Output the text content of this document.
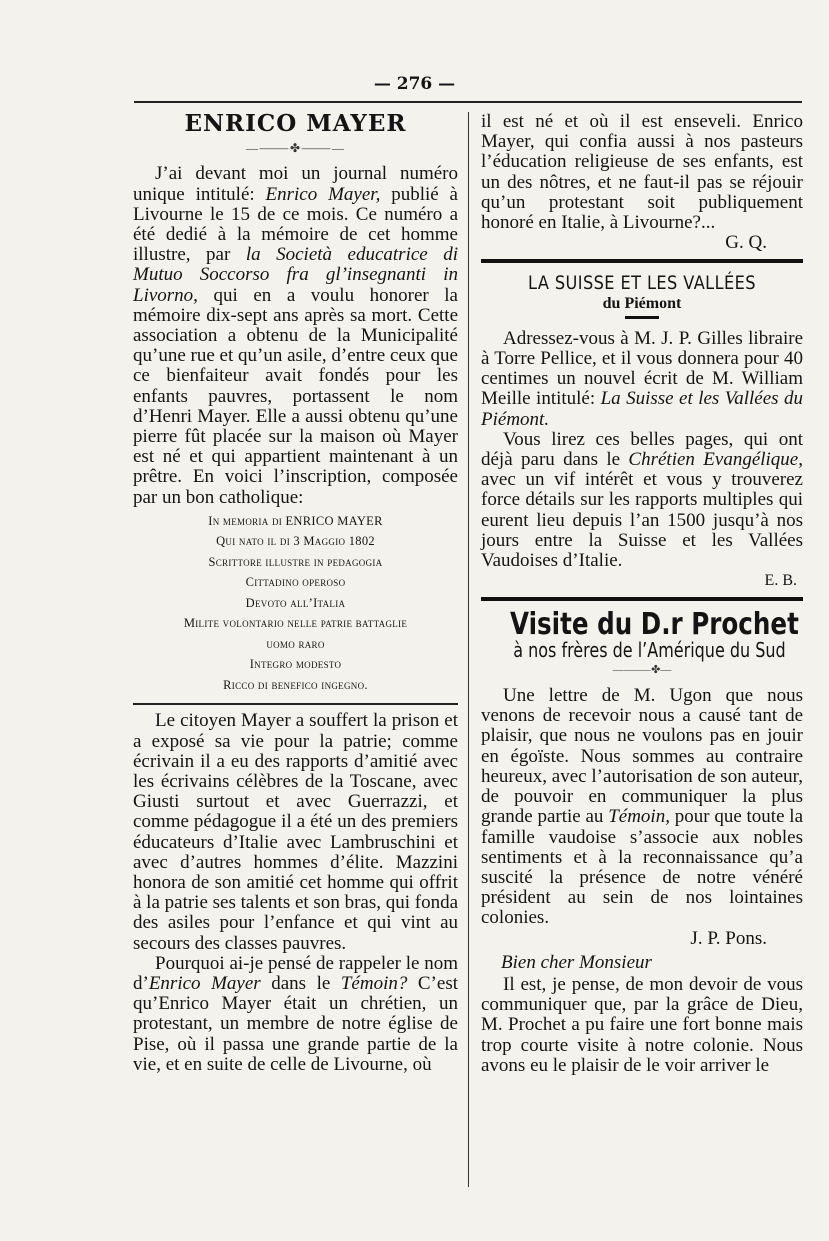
— 276 —
ENRICO MAYER
—⸻✤⸻—

J’ai devant moi un journal numéro unique intitulé: Enrico Mayer, publié à Livourne le 15 de ce mois. Ce numéro a été dedié à la mémoire de cet homme illustre, par la Società educatrice di Mutuo Soccorso fra gl’insegnanti in Livorno, qui en a voulu honorer la mémoire dix-sept ans après sa mort. Cette association a obtenu de la Municipalité qu’une rue et qu’un asile, d’entre ceux que ce bienfaiteur avait fondés pour les enfants pauvres, portassent le nom d’Henri Mayer. Elle a aussi obtenu qu’une pierre fût placée sur la maison où Mayer est né et qui appartient maintenant à un prêtre. En voici l’inscription, composée par un bon catholique:

In memoria di ENRICO MAYER
Qui nato il di 3 Maggio 1802
Scrittore illustre in pedagogia
Cittadino operoso
Devoto all’Italia
Milite volontario nelle patrie battaglie
uomo raro
Integro modesto
Ricco di benefico ingegno.

Le citoyen Mayer a souffert la prison et a exposé sa vie pour la patrie; comme écrivain il a eu des rapports d’amitié avec les écrivains célèbres de la Toscane, avec Giusti surtout et avec Guerrazzi, et comme pédagogue il a été un des premiers éducateurs d’Italie avec Lambruschini et avec d’autres hommes d’élite. Mazzini honora de son amitié cet homme qui offrit à la patrie ses talents et son bras, qui fonda des asiles pour l’enfance et qui vint au secours des classes pauvres.

Pourquoi ai-je pensé de rappeler le nom d’Enrico Mayer dans le Témoin? C’est qu’Enrico Mayer était un chrétien, un protestant, un membre de notre église de Pise, où il passa une grande partie de la vie, et en suite de celle de Livourne, où

il est né et où il est enseveli. Enrico Mayer, qui confia aussi à nos pasteurs l’éducation religieuse de ses enfants, est un des nôtres, et ne faut-il pas se réjouir qu’un protestant soit publiquement honoré en Italie, à Livourne?...

G. Q.
LA SUISSE ET LES VALLÉES
du Piémont

Adressez-vous à M. J. P. Gilles libraire à Torre Pellice, et il vous donnera pour 40 centimes un nouvel écrit de M. William Meille intitulé: La Suisse et les Vallées du Piémont.

Vous lirez ces belles pages, qui ont déjà paru dans le Chrétien Evangélique, avec un vif intérêt et vous y trouverez force détails sur les rapports multiples qui eurent lieu depuis l’an 1500 jusqu’à nos jours entre la Suisse et les Vallées Vaudoises d’Italie.

E. B.
Visite du D.r Prochet
à nos frères de l’Amérique du Sud
—⸻✤—

Une lettre de M. Ugon que nous venons de recevoir nous a causé tant de plaisir, que nous ne voulons pas en jouir en égoïste. Nous sommes au contraire heureux, avec l’autorisation de son auteur, de pouvoir en communiquer la plus grande partie au Témoin, pour que toute la famille vaudoise s’associe aux nobles sentiments et à la reconnaissance qu’a suscité la présence de notre vénéré président au sein de nos lointaines colonies.

J. P. Pons.
Bien cher Monsieur

Il est, je pense, de mon devoir de vous communiquer que, par la grâce de Dieu, M. Prochet a pu faire une fort bonne mais trop courte visite à notre colonie. Nous avons eu le plaisir de le voir arriver le
